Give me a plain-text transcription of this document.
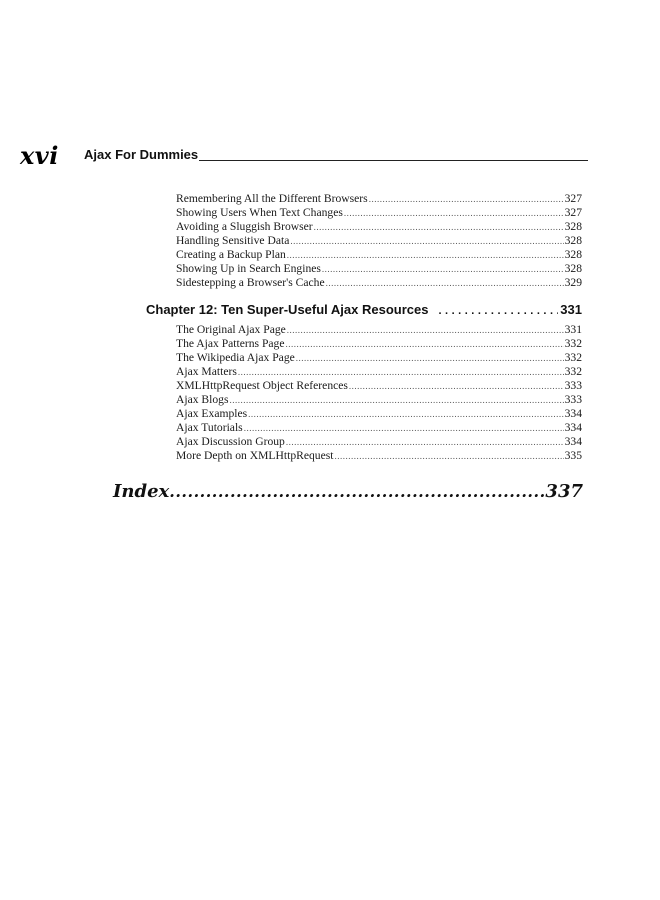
xvi Ajax For Dummies
Remembering All the Different Browsers .....	327
Showing Users When Text Changes .....	327
Avoiding a Sluggish Browser .....	328
Handling Sensitive Data .....	328
Creating a Backup Plan .....	328
Showing Up in Search Engines .....	328
Sidestepping a Browser's Cache .....	329
Chapter 12: Ten Super-Useful Ajax Resources .....	331
The Original Ajax Page .....	331
The Ajax Patterns Page .....	332
The Wikipedia Ajax Page .....	332
Ajax Matters .....	332
XMLHttpRequest Object References .....	333
Ajax Blogs .....	333
Ajax Examples .....	334
Ajax Tutorials .....	334
Ajax Discussion Group .....	334
More Depth on XMLHttpRequest .....	335
Index .....	337
